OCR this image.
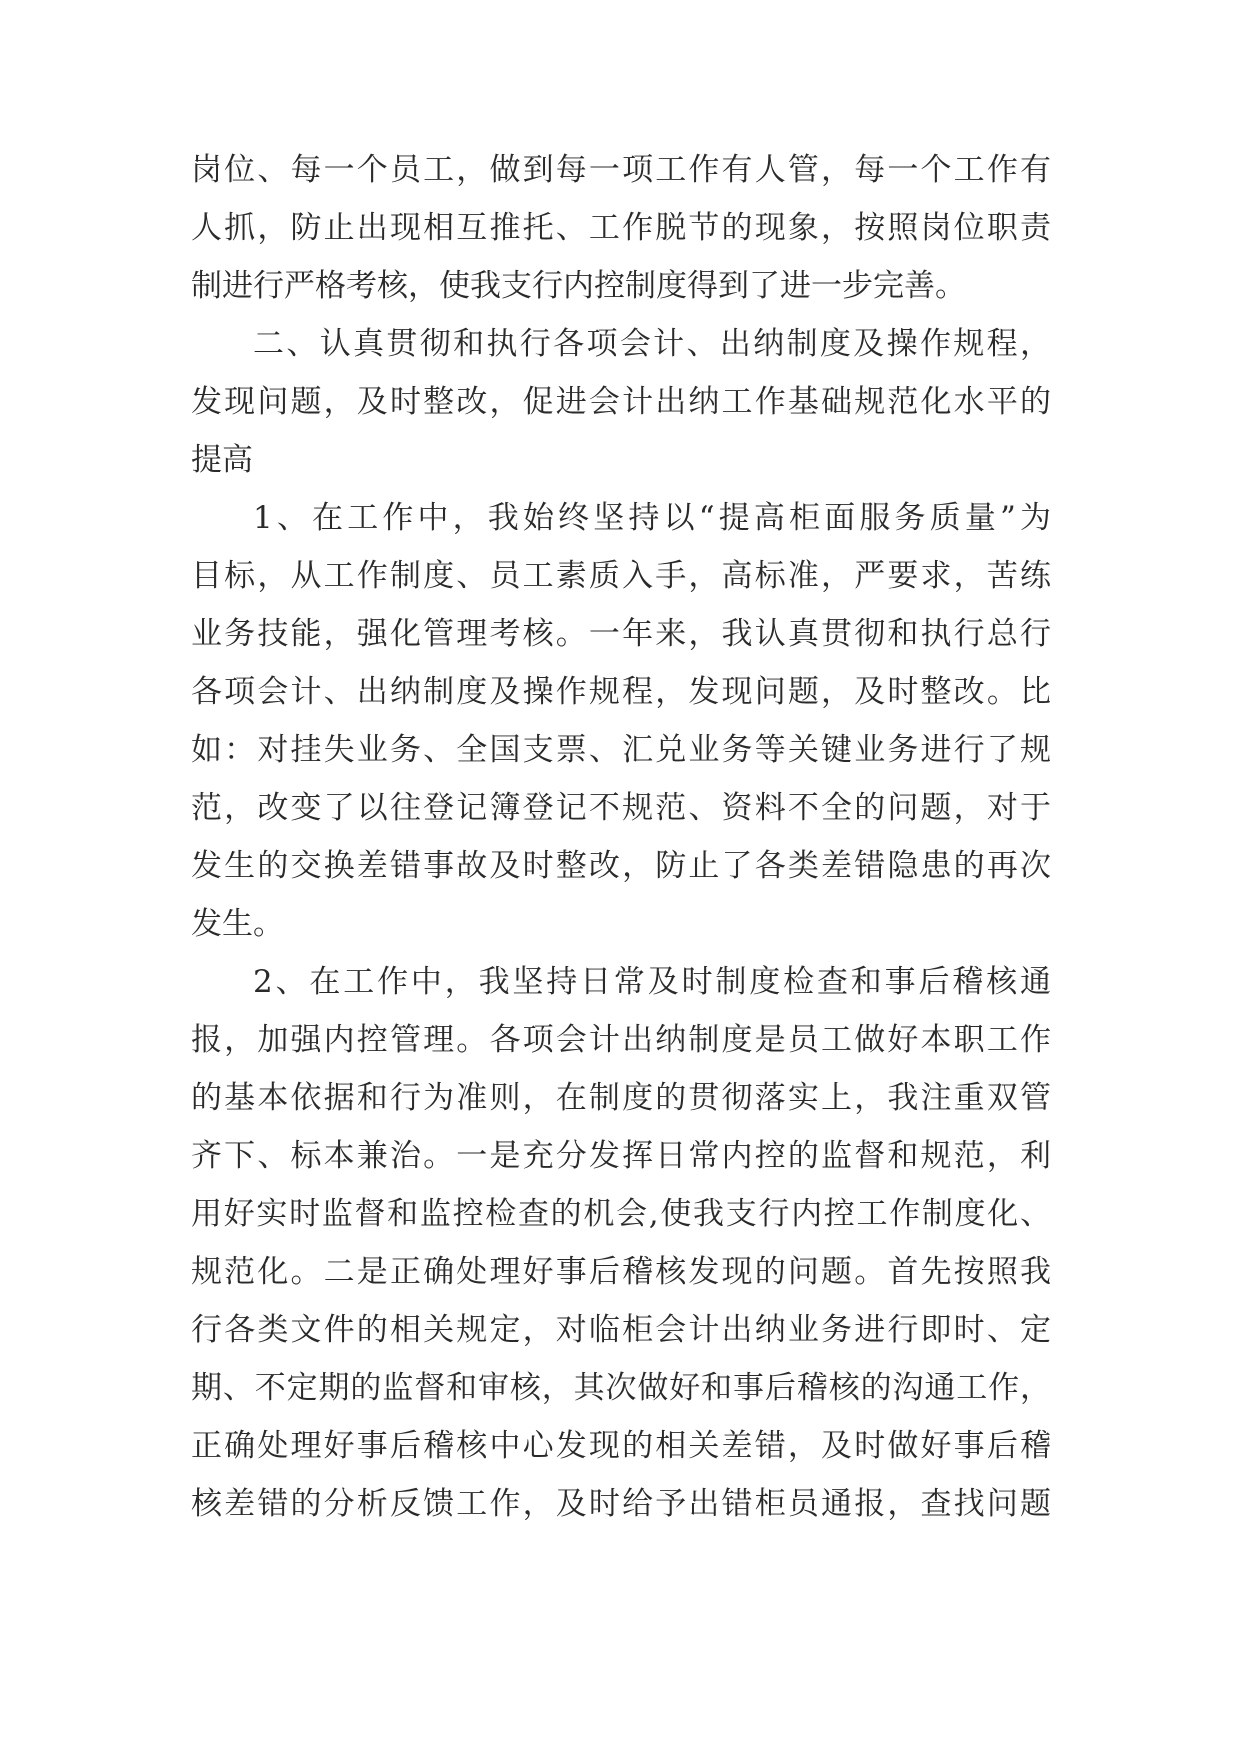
岗位、每一个员工，做到每一项工作有人管，每一个工作有
人抓，防止出现相互推托、工作脱节的现象，按照岗位职责
制进行严格考核，使我支行内控制度得到了进一步完善。
二、认真贯彻和执行各项会计、出纳制度及操作规程，
发现问题，及时整改，促进会计出纳工作基础规范化水平的
提高
1、在工作中，我始终坚持以“提高柜面服务质量”为
目标，从工作制度、员工素质入手，高标准，严要求，苦练
业务技能，强化管理考核。一年来，我认真贯彻和执行总行
各项会计、出纳制度及操作规程，发现问题，及时整改。比
如：对挂失业务、全国支票、汇兑业务等关键业务进行了规
范，改变了以往登记簿登记不规范、资料不全的问题，对于
发生的交换差错事故及时整改，防止了各类差错隐患的再次
发生。
2、在工作中，我坚持日常及时制度检查和事后稽核通
报，加强内控管理。各项会计出纳制度是员工做好本职工作
的基本依据和行为准则，在制度的贯彻落实上，我注重双管
齐下、标本兼治。一是充分发挥日常内控的监督和规范，利
用好实时监督和监控检查的机会,使我支行内控工作制度化、
规范化。二是正确处理好事后稽核发现的问题。首先按照我
行各类文件的相关规定，对临柜会计出纳业务进行即时、定
期、不定期的监督和审核，其次做好和事后稽核的沟通工作，
正确处理好事后稽核中心发现的相关差错，及时做好事后稽
核差错的分析反馈工作，及时给予出错柜员通报，查找问题
